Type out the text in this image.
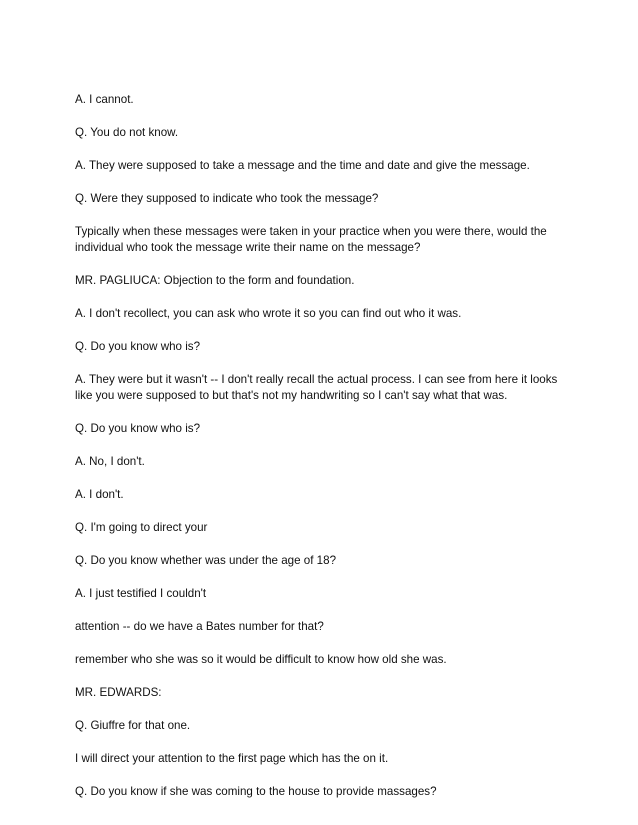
A. I cannot.

Q. You do not know.

A. They were supposed to take a message and the time and date and give the message.

Q. Were they supposed to indicate who took the message?

Typically when these messages were taken in your practice when you were there, would the individual who took the message write their name on the message?

MR. PAGLIUCA: Objection to the form and foundation.

A. I don't recollect, you can ask who wrote it so you can find out who it was.

Q. Do you know who is?

A. They were but it wasn't -- I don't really recall the actual process. I can see from here it looks like you were supposed to but that's not my handwriting so I can't say what that was.

Q. Do you know who is?

A. No, I don't.

A. I don't.

Q. I'm going to direct your

Q. Do you know whether was under the age of 18?

A. I just testified I couldn't

attention -- do we have a Bates number for that?

remember who she was so it would be difficult to know how old she was.

MR. EDWARDS:

Q. Giuffre for that one.

I will direct your attention to the first page which has the on it.

Q. Do you know if she was coming to the house to provide massages?
